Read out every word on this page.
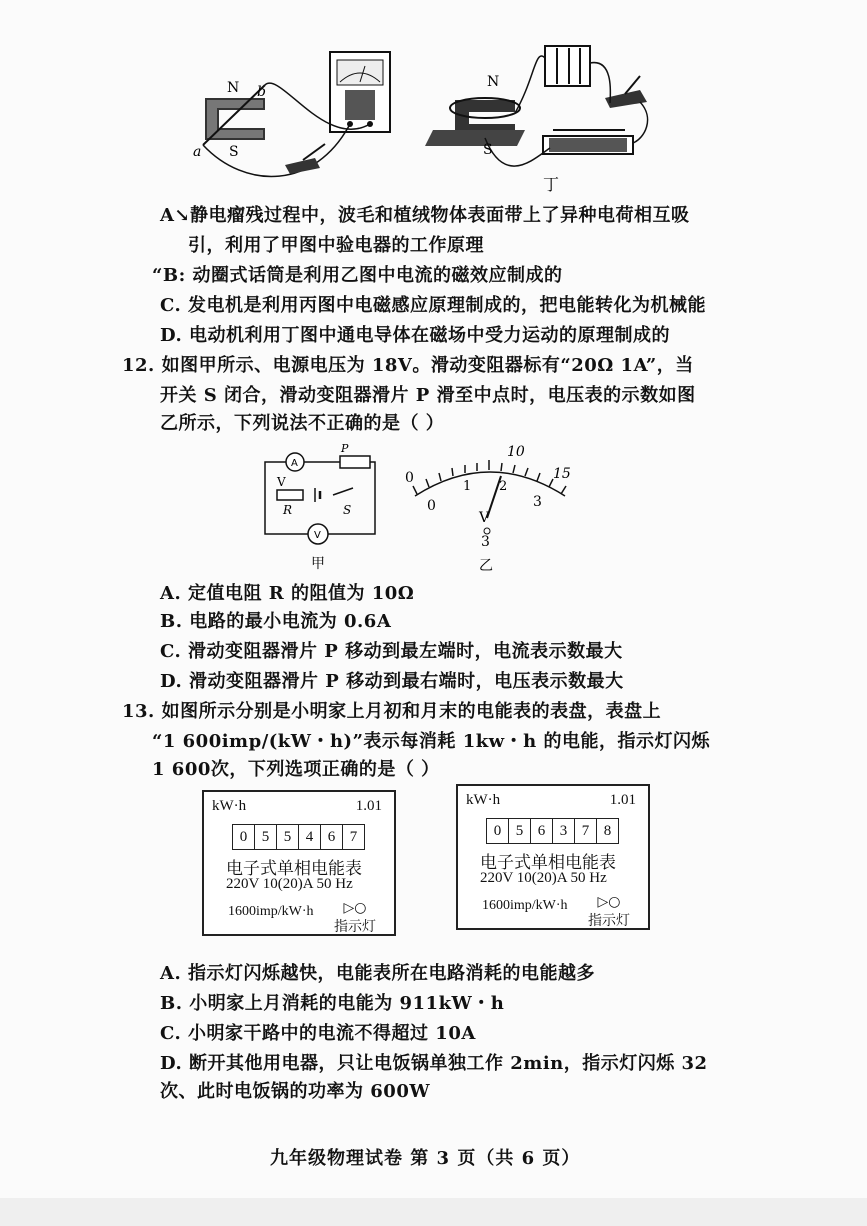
N b
a S
N
S
丁
A↘静电瘤残过程中，波毛和植绒物体表面带上了异种电荷相互吸
引，利用了甲图中验电器的工作原理
“B: 动圈式话筒是利用乙图中电流的磁效应制成的
C. 发电机是利用丙图中电磁感应原理制成的，把电能转化为机械能
D. 电动机利用丁图中通电导体在磁场中受力运动的原理制成的
12. 如图甲所示、电源电压为 18V。滑动变阻器标有“20Ω 1A”，当
开关 S 闭合，滑动变阻器滑片 P 滑至中点时，电压表的示数如图
乙所示，下列说法不正确的是（ ）
A
P
V
R	S
V
甲
0
10
15
0
1 2
3
V
3
乙
A. 定值电阻 R 的阻值为 10Ω
B. 电路的最小电流为 0.6A
C. 滑动变阻器滑片 P 移动到最左端时，电流表示数最大
D. 滑动变阻器滑片 P 移动到最右端时，电压表示数最大
13. 如图所示分别是小明家上月初和月末的电能表的表盘，表盘上
“1 600imp/(kW・h)”表示每消耗 1kw・h 的电能，指示灯闪烁
1 600次，下列选项正确的是（ ）
kW·h	1.01
0 5 5 4 6 7
电子式单相电能表
220V 10(20)A 50 Hz
1600imp/kW·h	▷○
指示灯
kW·h	1.01
0 5 6 3 7 8
电子式单相电能表
220V 10(20)A 50 Hz
1600imp/kW·h	▷○
指示灯
A. 指示灯闪烁越快，电能表所在电路消耗的电能越多
B. 小明家上月消耗的电能为 911kW・h
C. 小明家干路中的电流不得超过 10A
D. 断开其他用电器，只让电饭锅单独工作 2min，指示灯闪烁 32
次、此时电饭锅的功率为 600W
九年级物理试卷 第 3 页（共 6 页）
